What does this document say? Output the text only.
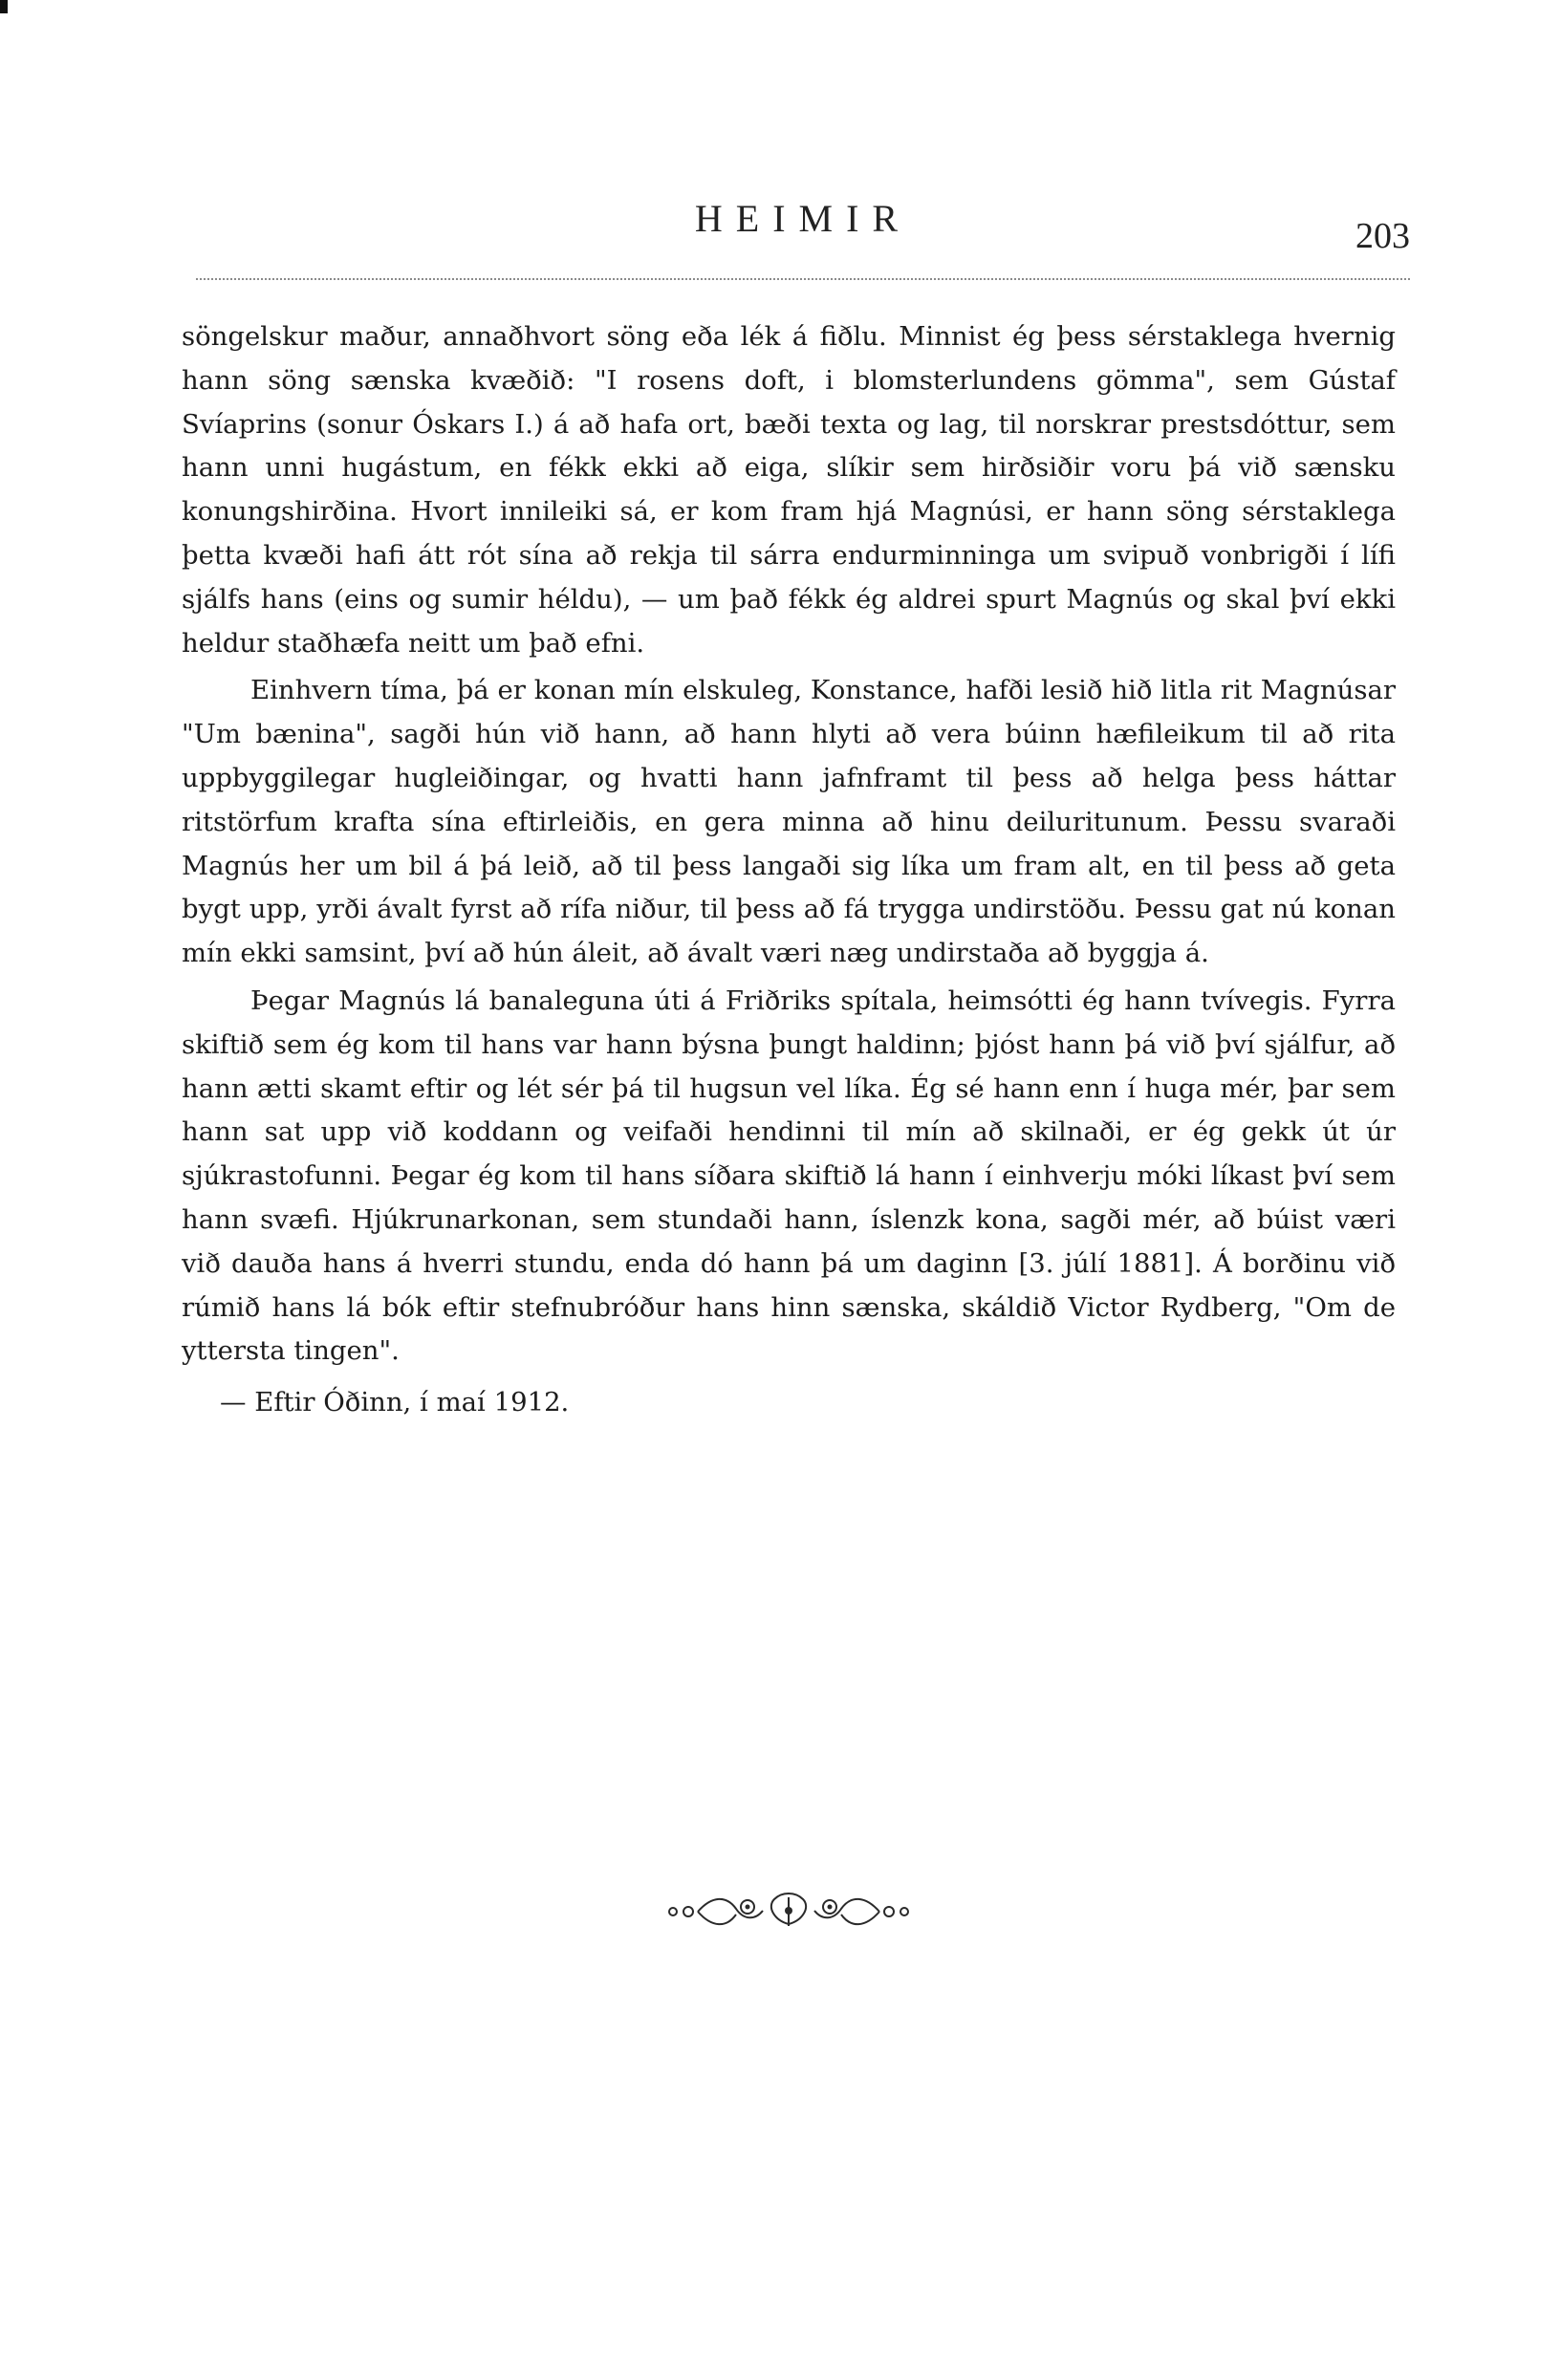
HEIMIR	203

söngelskur maður, annaðhvort söng eða lék á fiðlu. Minnist ég þess sérstaklega hvernig hann söng sænska kvæðið: "I rosens doft, i blomsterlundens gömma", sem Gústaf Svíaprins (sonur Óskars I.) á að hafa ort, bæði texta og lag, til norskrar prestsdóttur, sem hann unni hugástum, en fékk ekki að eiga, slíkir sem hirðsiðir voru þá við sænsku konungshirðina. Hvort innileiki sá, er kom fram hjá Magnúsi, er hann söng sérstaklega þetta kvæði hafi átt rót sína að rekja til sárra endurminninga um svipuð vonbrigði í lífi sjálfs hans (eins og sumir héldu), — um það fékk ég aldrei spurt Magnús og skal því ekki heldur staðhæfa neitt um það efni.

Einhvern tíma, þá er konan mín elskuleg, Konstance, hafði lesið hið litla rit Magnúsar "Um bænina", sagði hún við hann, að hann hlyti að vera búinn hæfileikum til að rita uppbyggilegar hugleiðingar, og hvatti hann jafnframt til þess að helga þess háttar ritstörfum krafta sína eftirleiðis, en gera minna að hinu deiluritunum. Þessu svaraði Magnús her um bil á þá leið, að til þess langaði sig líka um fram alt, en til þess að geta bygt upp, yrði ávalt fyrst að rífa niður, til þess að fá trygga undirstöðu. Þessu gat nú konan mín ekki samsint, því að hún áleit, að ávalt væri næg undirstaða að byggja á.

Þegar Magnús lá banaleguna úti á Friðriks spítala, heimsótti ég hann tvívegis. Fyrra skiftið sem ég kom til hans var hann býsna þungt haldinn; þjóst hann þá við því sjálfur, að hann ætti skamt eftir og lét sér þá til hugsun vel líka. Ég sé hann enn í huga mér, þar sem hann sat upp við koddann og veifaði hendinni til mín að skilnaði, er ég gekk út úr sjúkrastofunni. Þegar ég kom til hans síðara skiftið lá hann í einhverju móki líkast því sem hann svæfi. Hjúkrunarkonan, sem stundaði hann, íslenzk kona, sagði mér, að búist væri við dauða hans á hverri stundu, enda dó hann þá um daginn [3. júlí 1881]. Á borðinu við rúmið hans lá bók eftir stefnubróður hans hinn sænska, skáldið Victor Rydberg, "Om de yttersta tingen".

— Eftir Óðinn, í maí 1912.
